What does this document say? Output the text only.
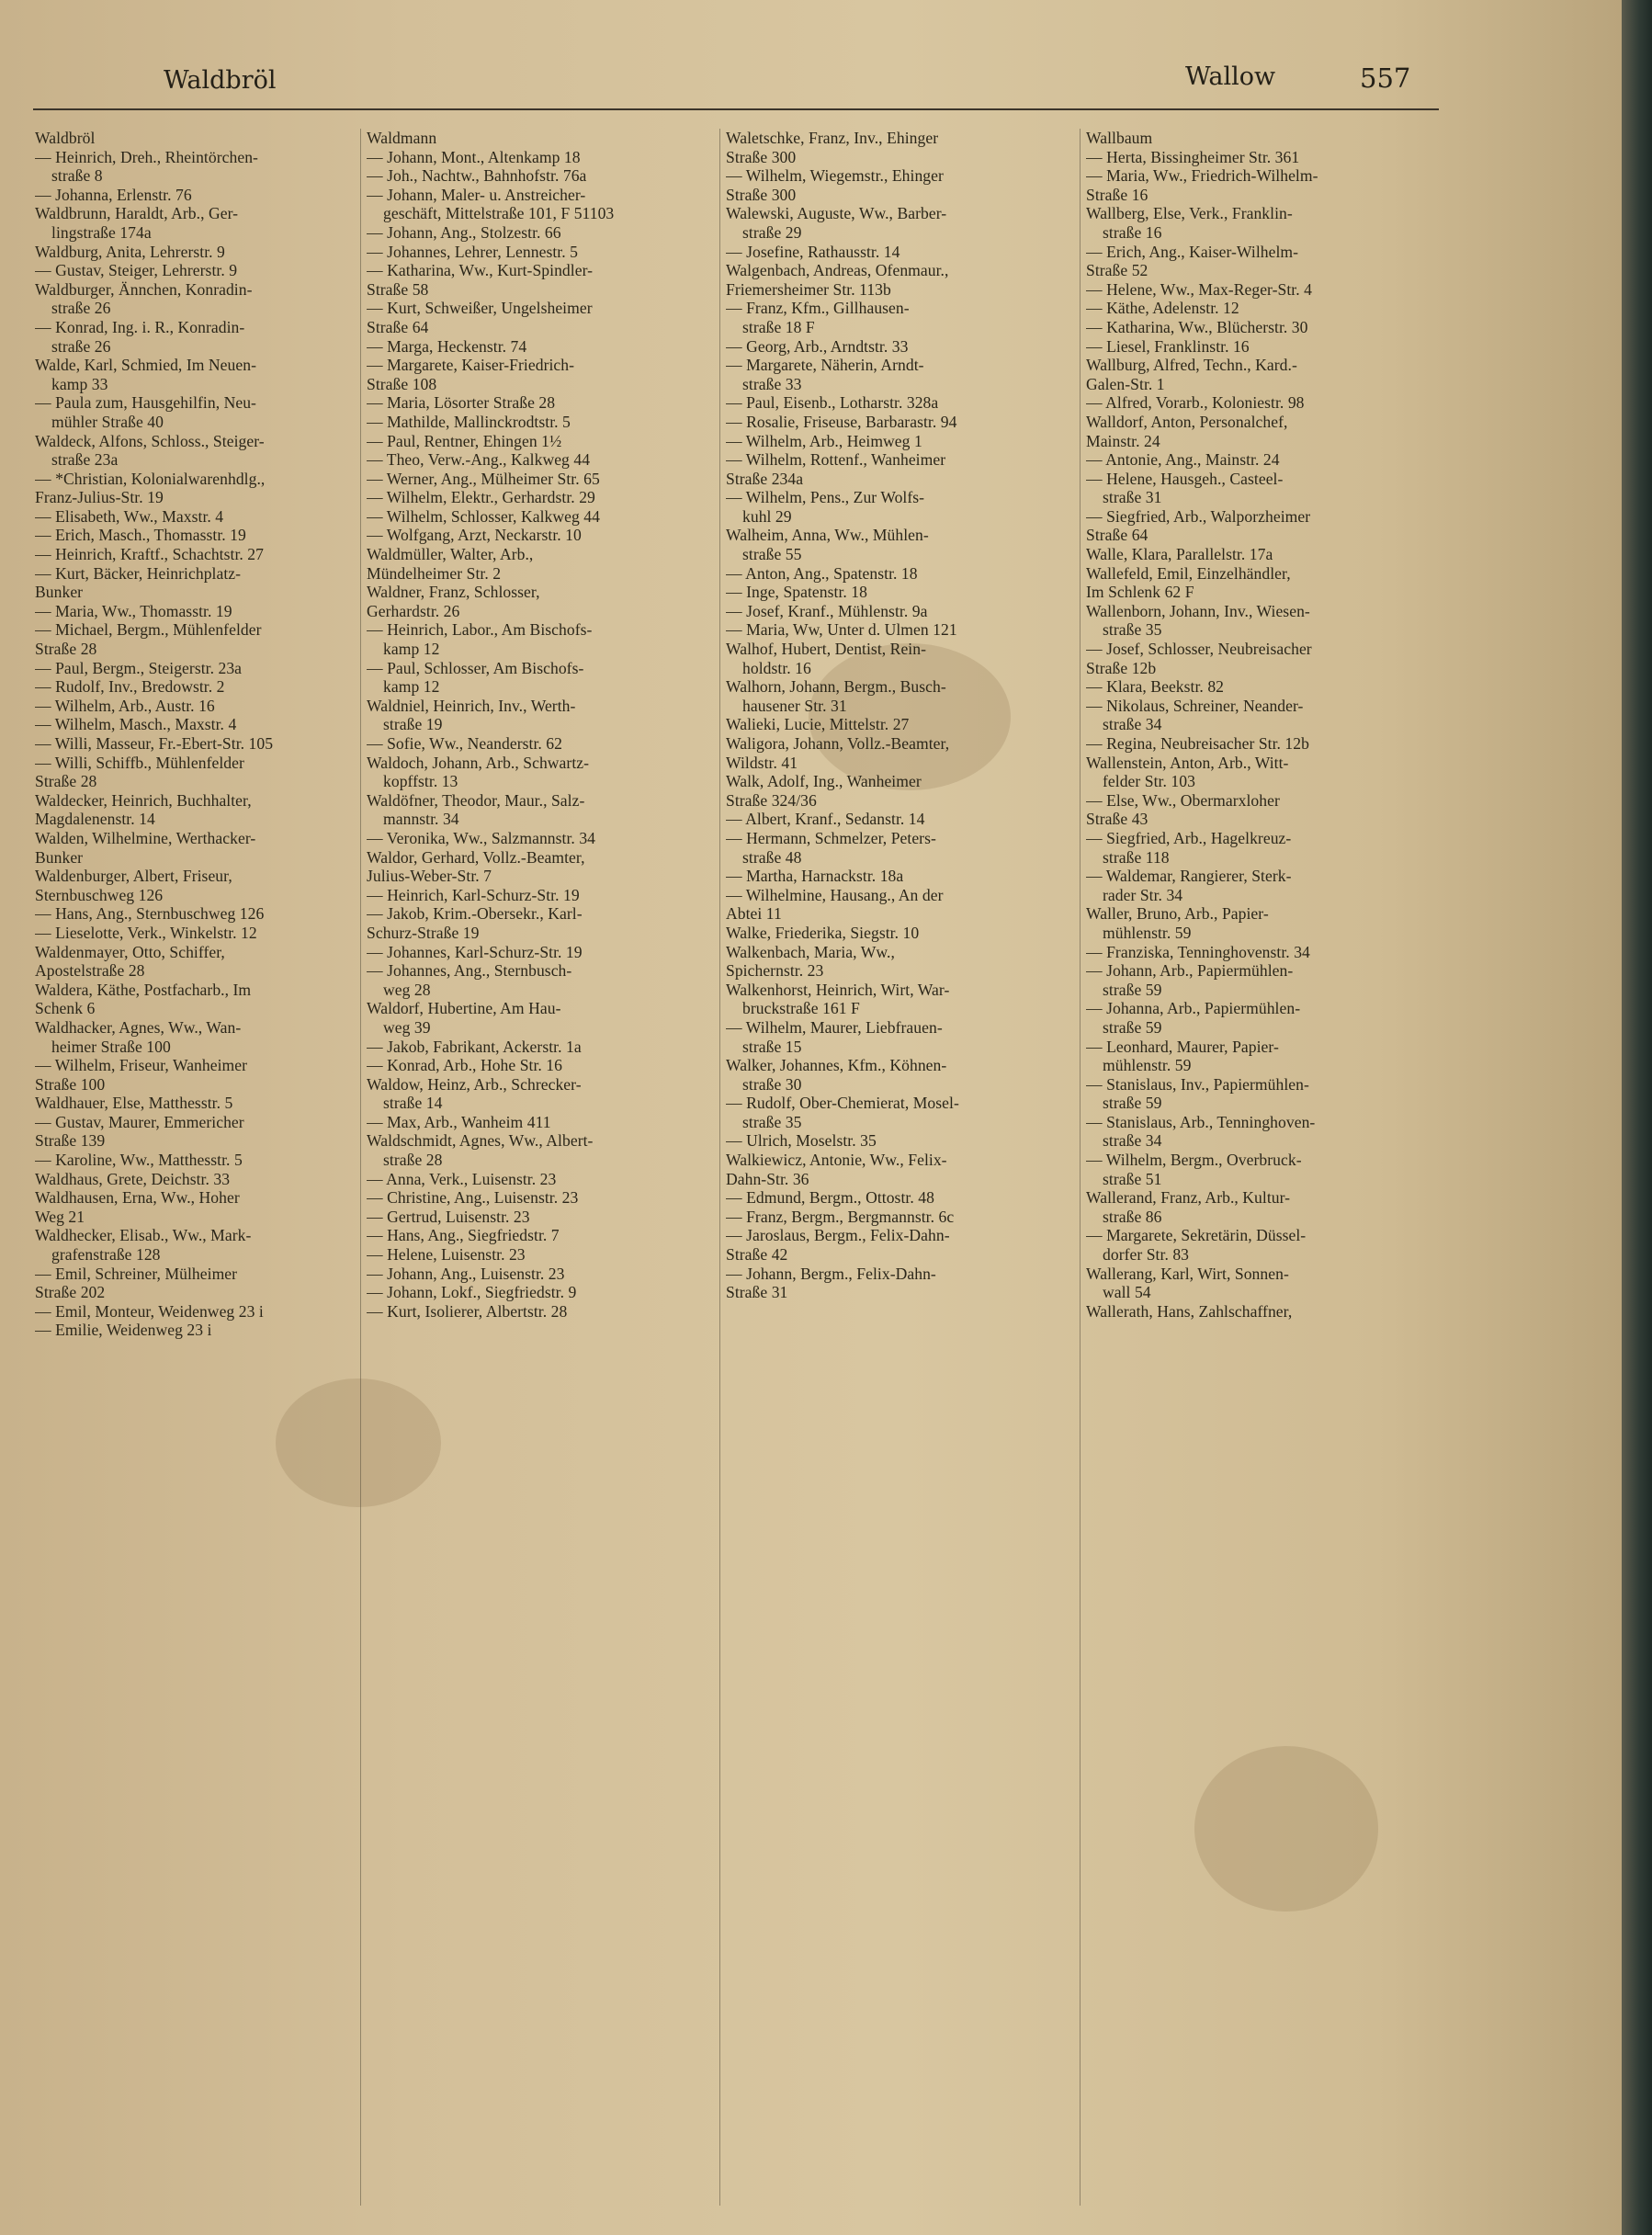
Waldbröl	Wallow	557
Waldbröl
— Heinrich, Dreh., Rheintörchen-
straße 8
— Johanna, Erlenstr. 76
Waldbrunn, Haraldt, Arb., Ger-
lingstraße 174a
Waldburg, Anita, Lehrerstr. 9
— Gustav, Steiger, Lehrerstr. 9
Waldburger, Ännchen, Konradin-
straße 26
— Konrad, Ing. i. R., Konradin-
straße 26
Walde, Karl, Schmied, Im Neuen-
kamp 33
— Paula zum, Hausgehilfin, Neu-
mühler Straße 40
Waldeck, Alfons, Schloss., Steiger-
straße 23a
— *Christian, Kolonialwarenhdlg.,
Franz-Julius-Str. 19
— Elisabeth, Ww., Maxstr. 4
— Erich, Masch., Thomasstr. 19
— Heinrich, Kraftf., Schachtstr. 27
— Kurt, Bäcker, Heinrichplatz-
Bunker
— Maria, Ww., Thomasstr. 19
— Michael, Bergm., Mühlenfelder
Straße 28
— Paul, Bergm., Steigerstr. 23a
— Rudolf, Inv., Bredowstr. 2
— Wilhelm, Arb., Austr. 16
— Wilhelm, Masch., Maxstr. 4
— Willi, Masseur, Fr.-Ebert-Str. 105
— Willi, Schiffb., Mühlenfelder
Straße 28
Waldecker, Heinrich, Buchhalter,
Magdalenenstr. 14
Walden, Wilhelmine, Werthacker-
Bunker
Waldenburger, Albert, Friseur,
Sternbuschweg 126
— Hans, Ang., Sternbuschweg 126
— Lieselotte, Verk., Winkelstr. 12
Waldenmayer, Otto, Schiffer,
Apostelstraße 28
Waldera, Käthe, Postfacharb., Im
Schenk 6
Waldhacker, Agnes, Ww., Wan-
heimer Straße 100
— Wilhelm, Friseur, Wanheimer
Straße 100
Waldhauer, Else, Matthesstr. 5
— Gustav, Maurer, Emmericher
Straße 139
— Karoline, Ww., Matthesstr. 5
Waldhaus, Grete, Deichstr. 33
Waldhausen, Erna, Ww., Hoher
Weg 21
Waldhecker, Elisab., Ww., Mark-
grafenstraße 128
— Emil, Schreiner, Mülheimer
Straße 202
— Emil, Monteur, Weidenweg 23 i
— Emilie, Weidenweg 23 i
Waldmann
— Johann, Mont., Altenkamp 18
— Joh., Nachtw., Bahnhofstr. 76a
— Johann, Maler- u. Anstreicher-
geschäft, Mittelstraße 101, F 51103
— Johann, Ang., Stolzestr. 66
— Johannes, Lehrer, Lennestr. 5
— Katharina, Ww., Kurt-Spindler-
Straße 58
— Kurt, Schweißer, Ungelsheimer
Straße 64
— Marga, Heckenstr. 74
— Margarete, Kaiser-Friedrich-
Straße 108
— Maria, Lösorter Straße 28
— Mathilde, Mallinckrodtstr. 5
— Paul, Rentner, Ehingen 1½
— Theo, Verw.-Ang., Kalkweg 44
— Werner, Ang., Mülheimer Str. 65
— Wilhelm, Elektr., Gerhardstr. 29
— Wilhelm, Schlosser, Kalkweg 44
— Wolfgang, Arzt, Neckarstr. 10
Waldmüller, Walter, Arb.,
Mündelheimer Str. 2
Waldner, Franz, Schlosser,
Gerhardstr. 26
— Heinrich, Labor., Am Bischofs-
kamp 12
— Paul, Schlosser, Am Bischofs-
kamp 12
Waldniel, Heinrich, Inv., Werth-
straße 19
— Sofie, Ww., Neanderstr. 62
Waldoch, Johann, Arb., Schwartz-
kopffstr. 13
Waldöfner, Theodor, Maur., Salz-
mannstr. 34
— Veronika, Ww., Salzmannstr. 34
Waldor, Gerhard, Vollz.-Beamter,
Julius-Weber-Str. 7
— Heinrich, Karl-Schurz-Str. 19
— Jakob, Krim.-Obersekr., Karl-
Schurz-Straße 19
— Johannes, Karl-Schurz-Str. 19
— Johannes, Ang., Sternbusch-
weg 28
Waldorf, Hubertine, Am Hau-
weg 39
— Jakob, Fabrikant, Ackerstr. 1a
— Konrad, Arb., Hohe Str. 16
Waldow, Heinz, Arb., Schrecker-
straße 14
— Max, Arb., Wanheim 411
Waldschmidt, Agnes, Ww., Albert-
straße 28
— Anna, Verk., Luisenstr. 23
— Christine, Ang., Luisenstr. 23
— Gertrud, Luisenstr. 23
— Hans, Ang., Siegfriedstr. 7
— Helene, Luisenstr. 23
— Johann, Ang., Luisenstr. 23
— Johann, Lokf., Siegfriedstr. 9
— Kurt, Isolierer, Albertstr. 28
Waletschke, Franz, Inv., Ehinger
Straße 300
— Wilhelm, Wiegemstr., Ehinger
Straße 300
Walewski, Auguste, Ww., Barber-
straße 29
— Josefine, Rathausstr. 14
Walgenbach, Andreas, Ofenmaur.,
Friemersheimer Str. 113b
— Franz, Kfm., Gillhausen-
straße 18 F
— Georg, Arb., Arndtstr. 33
— Margarete, Näherin, Arndt-
straße 33
— Paul, Eisenb., Lotharstr. 328a
— Rosalie, Friseuse, Barbarastr. 94
— Wilhelm, Arb., Heimweg 1
— Wilhelm, Rottenf., Wanheimer
Straße 234a
— Wilhelm, Pens., Zur Wolfs-
kuhl 29
Walheim, Anna, Ww., Mühlen-
straße 55
— Anton, Ang., Spatenstr. 18
— Inge, Spatenstr. 18
— Josef, Kranf., Mühlenstr. 9a
— Maria, Ww, Unter d. Ulmen 121
Walhof, Hubert, Dentist, Rein-
holdstr. 16
Walhorn, Johann, Bergm., Busch-
hausener Str. 31
Walieki, Lucie, Mittelstr. 27
Waligora, Johann, Vollz.-Beamter,
Wildstr. 41
Walk, Adolf, Ing., Wanheimer
Straße 324/36
— Albert, Kranf., Sedanstr. 14
— Hermann, Schmelzer, Peters-
straße 48
— Martha, Harnackstr. 18a
— Wilhelmine, Hausang., An der
Abtei 11
Walke, Friederika, Siegstr. 10
Walkenbach, Maria, Ww.,
Spichernstr. 23
Walkenhorst, Heinrich, Wirt, War-
bruckstraße 161 F
— Wilhelm, Maurer, Liebfrauen-
straße 15
Walker, Johannes, Kfm., Köhnen-
straße 30
— Rudolf, Ober-Chemierat, Mosel-
straße 35
— Ulrich, Moselstr. 35
Walkiewicz, Antonie, Ww., Felix-
Dahn-Str. 36
— Edmund, Bergm., Ottostr. 48
— Franz, Bergm., Bergmannstr. 6c
— Jaroslaus, Bergm., Felix-Dahn-
Straße 42
— Johann, Bergm., Felix-Dahn-
Straße 31
Wallbaum
— Herta, Bissingheimer Str. 361
— Maria, Ww., Friedrich-Wilhelm-
Straße 16
Wallberg, Else, Verk., Franklin-
straße 16
— Erich, Ang., Kaiser-Wilhelm-
Straße 52
— Helene, Ww., Max-Reger-Str. 4
— Käthe, Adelenstr. 12
— Katharina, Ww., Blücherstr. 30
— Liesel, Franklinstr. 16
Wallburg, Alfred, Techn., Kard.-
Galen-Str. 1
— Alfred, Vorarb., Koloniestr. 98
Walldorf, Anton, Personalchef,
Mainstr. 24
— Antonie, Ang., Mainstr. 24
— Helene, Hausgeh., Casteel-
straße 31
— Siegfried, Arb., Walporzheimer
Straße 64
Walle, Klara, Parallelstr. 17a
Wallefeld, Emil, Einzelhändler,
Im Schlenk 62 F
Wallenborn, Johann, Inv., Wiesen-
straße 35
— Josef, Schlosser, Neubreisacher
Straße 12b
— Klara, Beekstr. 82
— Nikolaus, Schreiner, Neander-
straße 34
— Regina, Neubreisacher Str. 12b
Wallenstein, Anton, Arb., Witt-
felder Str. 103
— Else, Ww., Obermarxloher
Straße 43
— Siegfried, Arb., Hagelkreuz-
straße 118
— Waldemar, Rangierer, Sterk-
rader Str. 34
Waller, Bruno, Arb., Papier-
mühlenstr. 59
— Franziska, Tenninghovenstr. 34
— Johann, Arb., Papiermühlen-
straße 59
— Johanna, Arb., Papiermühlen-
straße 59
— Leonhard, Maurer, Papier-
mühlenstr. 59
— Stanislaus, Inv., Papiermühlen-
straße 59
— Stanislaus, Arb., Tenninghoven-
straße 34
— Wilhelm, Bergm., Overbruck-
straße 51
Wallerand, Franz, Arb., Kultur-
straße 86
— Margarete, Sekretärin, Düssel-
dorfer Str. 83
Wallerang, Karl, Wirt, Sonnen-
wall 54
Wallerath, Hans, Zahlschaffner,
